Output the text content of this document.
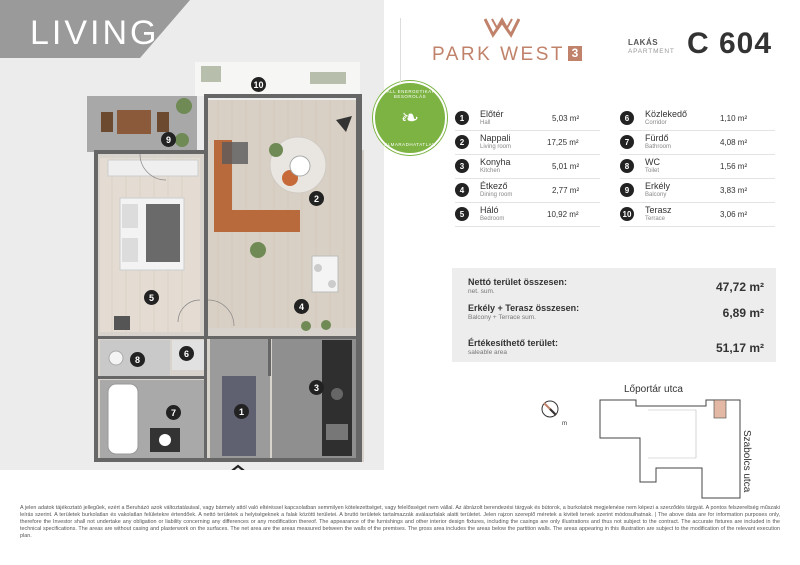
LIVING
10
9
2
5
4
6
8
3
7	1
ALL ENERGETIKAI BESOROLÁS
❧
ELMARADHATATLAN
PARK WEST 3
LAKÁS
APARTMENT C 604
1	Előtér
Hall	5,03 m²
2	Nappali
Living room	17,25 m²
3	Konyha
Kitchen	5,01 m²
4	Étkező
Dining room	2,77 m²
5	Háló
Bedroom	10,92 m²
6	Közlekedő
Corridor	1,10 m²
7	Fürdő
Bathroom	4,08 m²
8	WC
Toilet	1,56 m²
9	Erkély
Balcony	3,83 m²
10 Terasz
Terrace	3,06 m²
Nettó terület összesen:
net. sum.	47,72 m²
Erkély + Terasz összesen:
Balcony + Terrace sum.	6,89 m²
Értékesíthető terület:
saleable area	51,17 m²
Lőportár utca
m
Szabolcs utca
A jelen adatok tájékoztató jellegűek, ezért a Beruházó azok változtatásával, vagy bármely attól való eltéréssel kapcsolatban semmilyen kötelezettséget, vagy felelősséget nem vállal. Az ábrázolt berendezési tárgyak és bútorok, a burkolatok megjelenése nem képezi a szerződés tárgyát. A pontos felszereltség műszaki leírás szerint. A területek burkolatlan és vakolatlan felületekre értendőek. A nettó területek a helyiségeknek a falak közötti területei. A bruttó területek tartalmazzák aválaszfalak alatti területet. Jelen rajzon szereplő méretek a kiviteli tervek szerint módosulhatnak. | The above data are for information purposes only, therefore the Investor shall not undertake any obligation or liability concerning any differences or any modification thereof. The appearance of the furnishings and other interior design fixtures, including the casings are only illustrations and thus not subject to the contract. The accurate fixtures are included in the technical specifications. The areas are without casing and plasterwork on the surfaces. The net area are the areas measured between the walls of the premises. The gross area includes the areas below the partition walls. The areas appearing in this illustration are subject to the modification of the relevant execution plan.
